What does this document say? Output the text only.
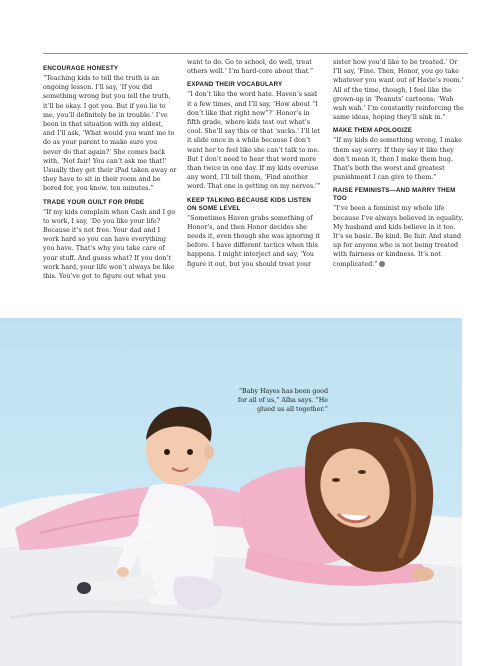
ENCOURAGE HONESTY

“Teaching kids to tell the truth is an ongoing lesson. I’ll say, ‘If you did something wrong but you tell the truth, it’ll be okay. I got you. But if you lie to me, you’ll definitely be in trouble.’ I’ve been in that situation with my eldest, and I’ll ask, ‘What would you want me to do as your parent to make sure you never do that again?’ She comes back with, ‘Not fair! You can’t ask me that!’ Usually they get their iPad taken away or they have to sit in their room and be bored for, you know, ten minutes.”

TRADE YOUR GUILT FOR PRIDE

“If my kids complain when Cash and I go to work, I say, ‘Do you like your life? Because it’s not free. Your dad and I work hard so you can have everything you have. That’s why you take care of your stuff. And guess what? If you don’t work hard, your life won’t always be like this. You’ve got to figure out what you

want to do. Go to school, do well, treat others well.’ I’m hard-core about that.”

EXPAND THEIR VOCABULARY

“I don’t like the word hate. Haven’s said it a few times, and I’ll say, ‘How about “I don’t like that right now”?’ Honor’s in fifth grade, where kids test out what’s cool. She’ll say this or that ‘sucks.’ I’ll let it slide once in a while because I don’t want her to feel like she can’t talk to me. But I don’t need to hear that word more than twice in one day. If my kids overuse any word, I’ll tell them, ‘Find another word. That one is getting on my nerves.’”

KEEP TALKING BECAUSE KIDS LISTEN ON SOME LEVEL

“Sometimes Haven grabs something of Honor’s, and then Honor decides she needs it, even though she was ignoring it before. I have different tactics when this happens. I might interject and say, ‘You figure it out, but you should treat your

sister how you’d like to be treated.’ Or I’ll say, ‘Fine. Then, Honor, you go take whatever you want out of Havie’s room.’ All of the time, though, I feel like the grown-up in ‘Peanuts’ cartoons: ‘Wah wah wah.’ I’m constantly reinforcing the same ideas, hoping they’ll sink in.”

MAKE THEM APOLOGIZE

“If my kids do something wrong, I make them say sorry. If they say it like they don’t mean it, then I make them hug. That’s both the worst and greatest punishment I can give to them.”

RAISE FEMINISTS—AND MARRY THEM TOO

“I’ve been a feminist my whole life because I’ve always believed in equality. My husband and kids believe in it too. It’s so basic. Be kind. Be fair. And stand up for anyone who is not being treated with fairness or kindness. It’s not complicated.”

“Baby Hayes has been good for all of us,” Alba says. “He glued us all together.”
